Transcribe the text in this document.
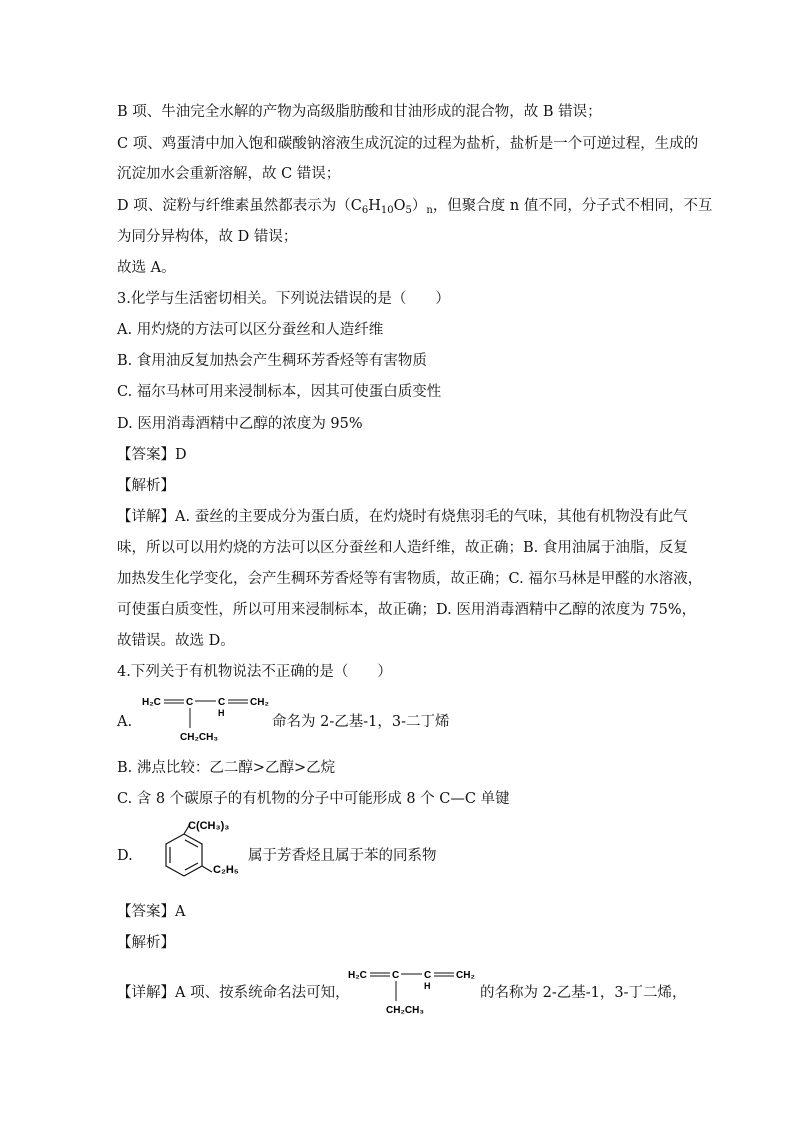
B 项、牛油完全水解的产物为高级脂肪酸和甘油形成的混合物，故 B 错误；
C 项、鸡蛋清中加入饱和碳酸钠溶液生成沉淀的过程为盐析，盐析是一个可逆过程，生成的
沉淀加水会重新溶解，故 C 错误；
D 项、淀粉与纤维素虽然都表示为$(C_6H_{10}O_5)_n$，但聚合度 n 值不同，分子式不相同，不互
为同分异构体，故 D 错误；
故选 A。
3.化学与生活密切相关。下列说法错误的是（　　）
A. 用灼烧的方法可以区分蚕丝和人造纤维
B. 食用油反复加热会产生稠环芳香烃等有害物质
C. 福尔马林可用来浸制标本，因其可使蛋白质变性
D. 医用消毒酒精中乙醇的浓度为 95%
【答案】D
【解析】
【详解】A. 蚕丝的主要成分为蛋白质，在灼烧时有烧焦羽毛的气味，其他有机物没有此气
味，所以可以用灼烧的方法可以区分蚕丝和人造纤维，故正确；B. 食用油属于油脂，反复
加热发生化学变化，会产生稠环芳香烃等有害物质，故正确；C. 福尔马林是甲醛的水溶液，
可使蛋白质变性，所以可用来浸制标本，故正确；D. 医用消毒酒精中乙醇的浓度为 75%，
故错误。故选 D。
4.下列关于有机物说法不正确的是（　　）
A.
H₂C	C C
H
CH₂
CH₂CH₃
命名为 2-乙基-1，3-二丁烯
B. 沸点比较：乙二醇>乙醇>乙烷
C. 含 8 个碳原子的有机物的分子中可能形成 8 个 C—C 单键
D.
C(CH₃)₃
C₂H₅
属于芳香烃且属于苯的同系物
【答案】A
【解析】
【详解】A 项、按系统命名法可知，
H₂C	C C
H
CH₂
CH₂CH₃
的名称为 2-乙基-1，3-丁二烯，
